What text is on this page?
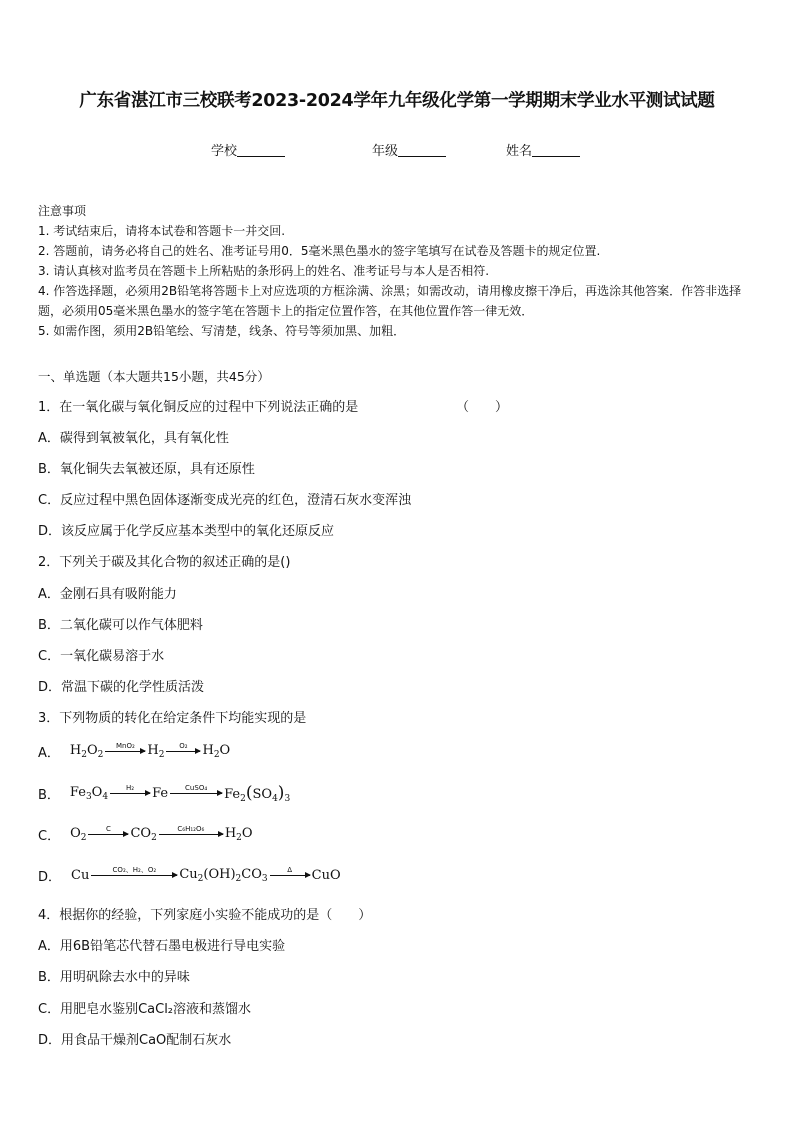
广东省湛江市三校联考2023-2024学年九年级化学第一学期期末学业水平测试试题
学校	年级	姓名
注意事项
1. 考试结束后，请将本试卷和答题卡一并交回.
2. 答题前，请务必将自己的姓名、准考证号用0．5毫米黑色墨水的签字笔填写在试卷及答题卡的规定位置.
3. 请认真核对监考员在答题卡上所粘贴的条形码上的姓名、准考证号与本人是否相符.
4. 作答选择题，必须用2B铅笔将答题卡上对应选项的方框涂满、涂黑；如需改动，请用橡皮擦干净后，再选涂其他答案．作答非选择题，必须用05毫米黑色墨水的签字笔在答题卡上的指定位置作答，在其他位置作答一律无效．
5. 如需作图，须用2B铅笔绘、写清楚，线条、符号等须加黑、加粗．
一、单选题（本大题共15小题，共45分）
1．在一氧化碳与氧化铜反应的过程中下列说法正确的是	（　　）
A．碳得到氧被氧化，具有氧化性
B．氧化铜失去氧被还原，具有还原性
C．反应过程中黑色固体逐渐变成光亮的红色，澄清石灰水变浑浊
D．该反应属于化学反应基本类型中的氧化还原反应
2．下列关于碳及其化合物的叙述正确的是()
A．金刚石具有吸附能力
B．二氧化碳可以作气体肥料
C．一氧化碳易溶于水
D．常温下碳的化学性质活泼
3．下列物质的转化在给定条件下均能实现的是
A． $H_2O_2$
MnO₂ $H_2$
O₂ $H_2O$
B． $Fe_3O_4$
H₂ Fe CuSO₄ $Fe_2(SO_4)_3$
C． $O_2$
C $CO_2$
C₆H₁₂O₆ $H_2O$
D． Cu	CO₂、H₂、O₂ $Cu_2(OH)_2CO_3$
Δ CuO
4．根据你的经验，下列家庭小实验不能成功的是（　　）
A．用6B铅笔芯代替石墨电极进行导电实验
B．用明矾除去水中的异味
C．用肥皂水鉴别CaCl₂溶液和蒸馏水
D．用食品干燥剂CaO配制石灰水
